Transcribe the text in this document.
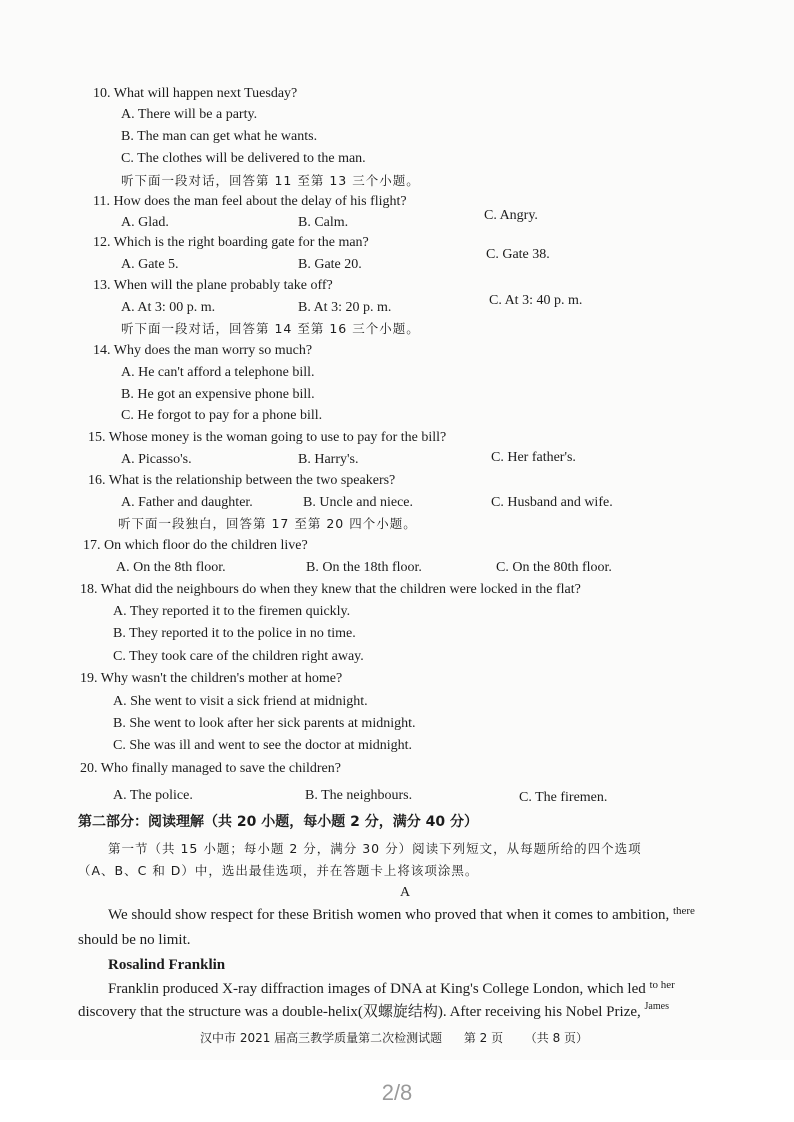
10. What will happen next Tuesday?
A. There will be a party.
B. The man can get what he wants.
C. The clothes will be delivered to the man.
听下面一段对话，回答第 11 至第 13 三个小题。
11. How does the man feel about the delay of his flight?
A. Glad.	B. Calm.	C. Angry.
12. Which is the right boarding gate for the man?
A. Gate 5.	B. Gate 20.
C. Gate 38.
13. When will the plane probably take off?
A. At 3: 00 p. m.	B. At 3: 20 p. m.	C. At 3: 40 p. m.
听下面一段对话，回答第 14 至第 16 三个小题。
14. Why does the man worry so much?
A. He can't afford a telephone bill.
B. He got an expensive phone bill.
C. He forgot to pay for a phone bill.
15. Whose money is the woman going to use to pay for the bill?
A. Picasso's.	B. Harry's.	C. Her father's.
16. What is the relationship between the two speakers?
A. Father and daughter.	B. Uncle and niece.	C. Husband and wife.
听下面一段独白，回答第 17 至第 20 四个小题。
17. On which floor do the children live?
A. On the 8th floor.	B. On the 18th floor.	C. On the 80th floor.
18. What did the neighbours do when they knew that the children were locked in the flat?
A. They reported it to the firemen quickly.
B. They reported it to the police in no time.
C. They took care of the children right away.
19. Why wasn't the children's mother at home?
A. She went to visit a sick friend at midnight.
B. She went to look after her sick parents at midnight.
C. She was ill and went to see the doctor at midnight.
20. Who finally managed to save the children?
A. The police.	B. The neighbours.	C. The firemen.
第二部分：阅读理解（共 20 小题，每小题 2 分，满分 40 分）
第一节（共 15 小题；每小题 2 分，满分 30 分）阅读下列短文，从每题所给的四个选项
（A、B、C 和 D）中，选出最佳选项，并在答题卡上将该项涂黑。
A
We should show respect for these British women who proved that when it comes to ambition, $^{there}$
should be no limit.
Rosalind Franklin
Franklin produced X-ray diffraction images of DNA at King's College London, which led $^{to her}$
discovery that the structure was a double-helix(双螺旋结构). After receiving his Nobel Prize, $^{James}$
汉中市 2021 届高三教学质量第二次检测试题 第 2 页 （共 8 页）
2/8
